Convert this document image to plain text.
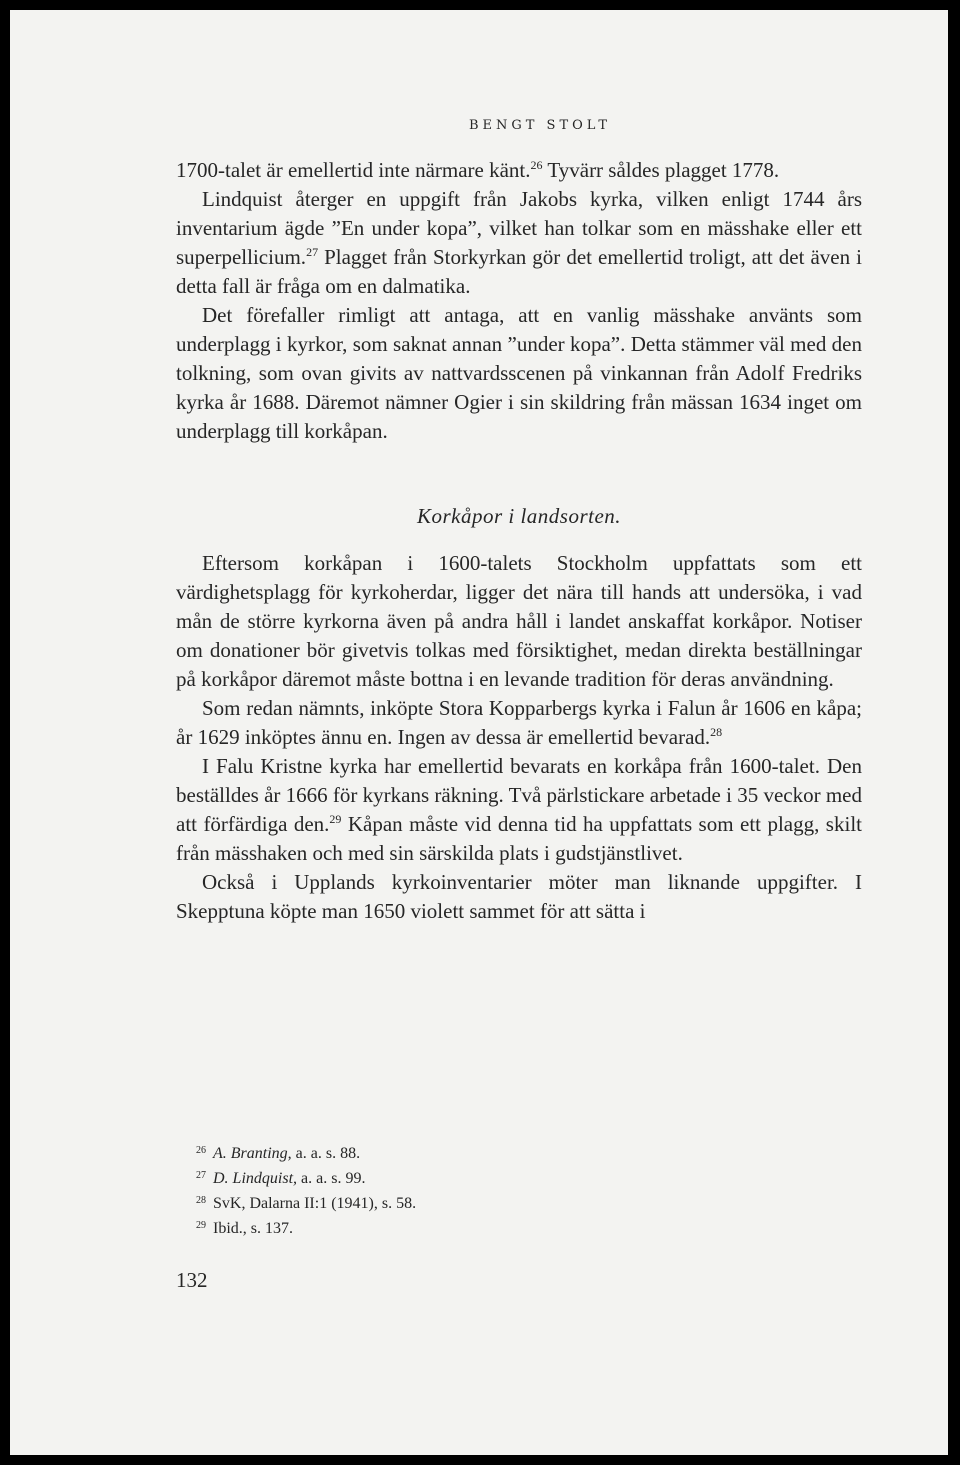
BENGT STOLT

1700-talet är emellertid inte närmare känt.$^{26}$ Tyvärr såldes plagget 1778.

Lindquist återger en uppgift från Jakobs kyrka, vilken enligt 1744 års inventarium ägde ”En under kopa”, vilket han tolkar som en mässhake eller ett superpellicium.$^{27}$ Plagget från Storkyrkan gör det emellertid troligt, att det även i detta fall är fråga om en dalmatika.

Det förefaller rimligt att antaga, att en vanlig mässhake använts som underplagg i kyrkor, som saknat annan ”under kopa”. Detta stämmer väl med den tolkning, som ovan givits av nattvardsscenen på vinkannan från Adolf Fredriks kyrka år 1688. Däremot nämner Ogier i sin skildring från mässan 1634 inget om underplagg till korkåpan.

Korkåpor i landsorten.

Eftersom korkåpan i 1600-talets Stockholm uppfattats som ett värdighetsplagg för kyrkoherdar, ligger det nära till hands att undersöka, i vad mån de större kyrkorna även på andra håll i landet anskaffat korkåpor. Notiser om donationer bör givetvis tolkas med försiktighet, medan direkta beställningar på korkåpor däremot måste bottna i en levande tradition för deras användning.

Som redan nämnts, inköpte Stora Kopparbergs kyrka i Falun år 1606 en kåpa; år 1629 inköptes ännu en. Ingen av dessa är emellertid bevarad.$^{28}$

I Falu Kristne kyrka har emellertid bevarats en korkåpa från 1600-talet. Den beställdes år 1666 för kyrkans räkning. Två pärlstickare arbetade i 35 veckor med att förfärdiga den.$^{29}$ Kåpan måste vid denna tid ha uppfattats som ett plagg, skilt från mässhaken och med sin särskilda plats i gudstjänstlivet.

Också i Upplands kyrkoinventarier möter man liknande uppgifter. I Skepptuna köpte man 1650 violett sammet för att sätta i

$^{26}$ A. Branting, a. a. s. 88.
$^{27}$ D. Lindquist, a. a. s. 99.
$^{28}$ SvK, Dalarna II:1 (1941), s. 58.
$^{29}$ Ibid., s. 137.
132
